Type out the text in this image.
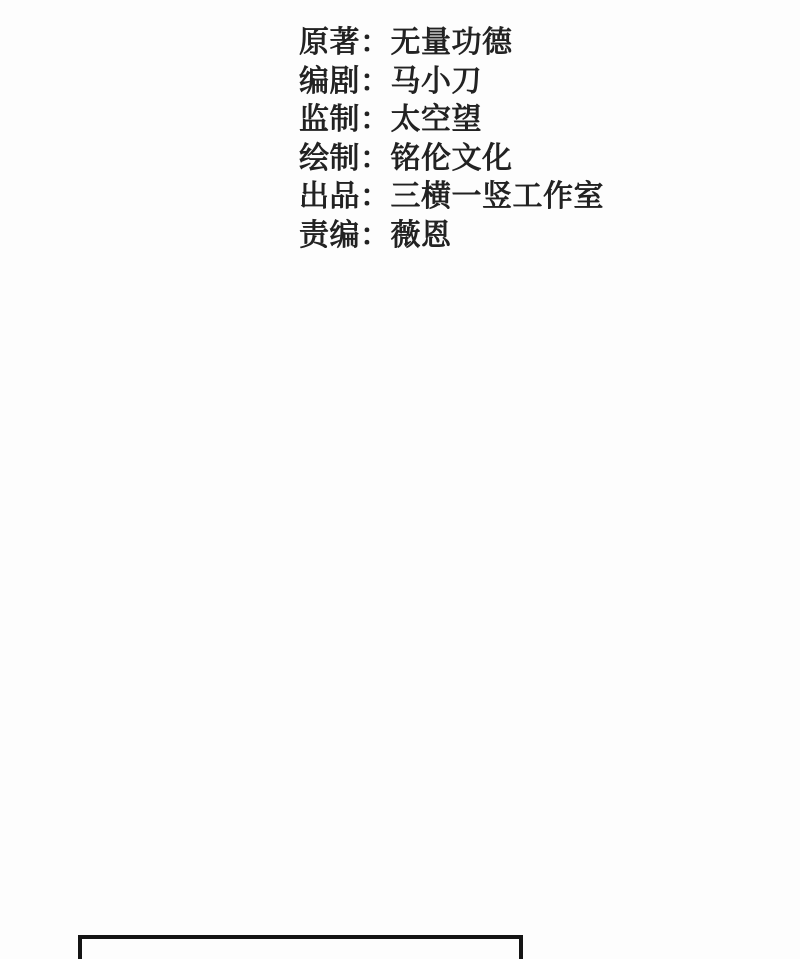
原著 ： 无量功德
编剧 ： 马小刀
监制 ： 太空望
绘制 ： 铭伦文化
出品 ： 三横一竖工作室
责编 ： 薇恩
